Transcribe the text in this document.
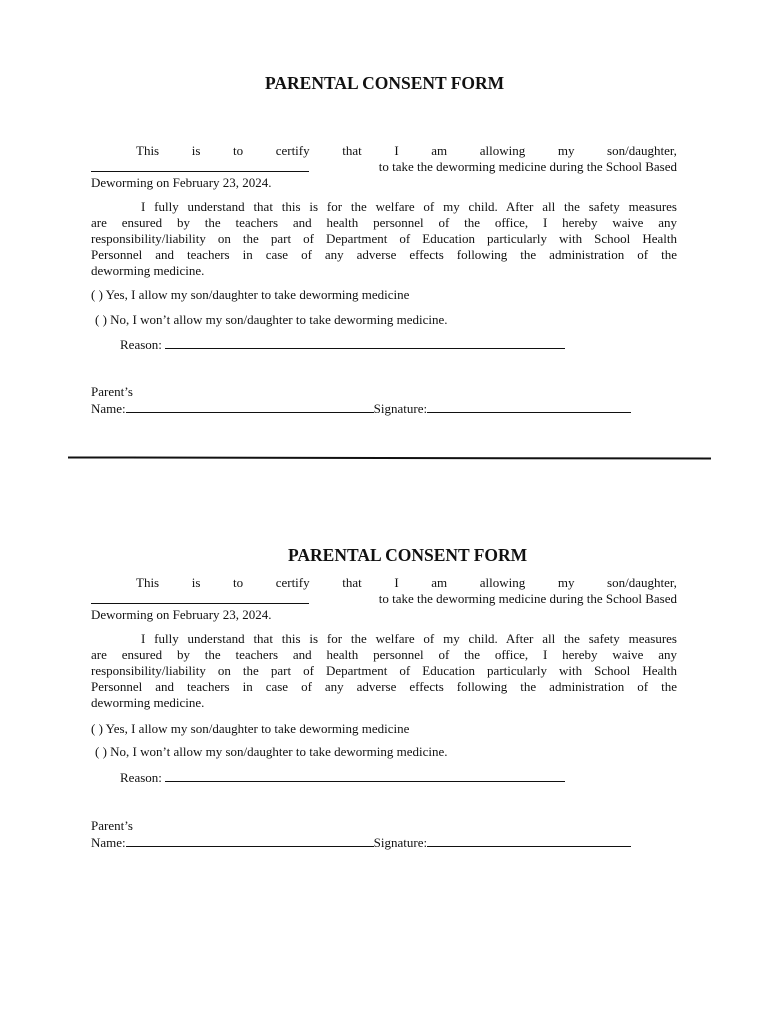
PARENTAL CONSENT FORM
This	is	to	certify	that	I	am	allowing	my	son/daughter,
to take the deworming medicine during the School Based
Deworming on February 23, 2024.
I fully understand that this is for the welfare of my child. After all the safety measures
are ensured by the teachers and health personnel of the office, I hereby waive any
responsibility/liability on the part of Department of Education particularly with School Health
Personnel and teachers in case of any adverse effects following the administration of the
deworming medicine.
( ) Yes, I allow my son/daughter to take deworming medicine
( ) No, I won’t allow my son/daughter to take deworming medicine.
Reason:
Parent’s
Name:	Signature:
PARENTAL CONSENT FORM
This	is	to	certify	that	I	am	allowing	my	son/daughter,
to take the deworming medicine during the School Based
Deworming on February 23, 2024.
I fully understand that this is for the welfare of my child. After all the safety measures
are ensured by the teachers and health personnel of the office, I hereby waive any
responsibility/liability on the part of Department of Education particularly with School Health
Personnel and teachers in case of any adverse effects following the administration of the
deworming medicine.
( ) Yes, I allow my son/daughter to take deworming medicine
( ) No, I won’t allow my son/daughter to take deworming medicine.
Reason:
Parent’s
Name:	Signature:
